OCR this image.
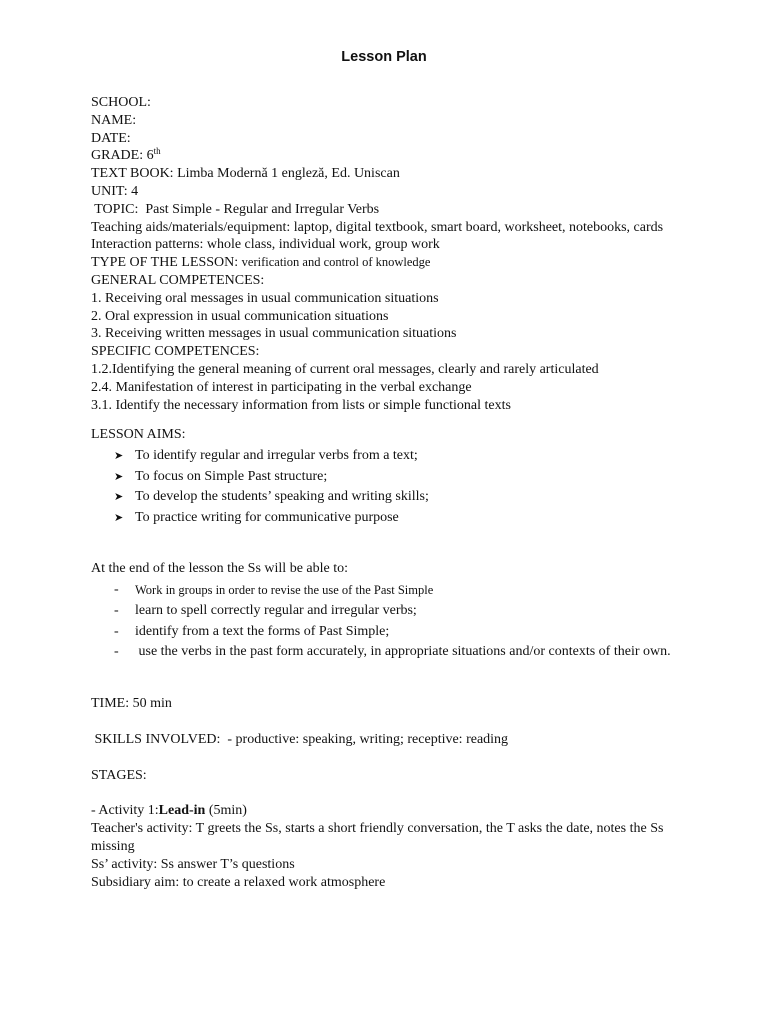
Lesson Plan
SCHOOL:
NAME:
DATE:
GRADE: 6th
TEXT BOOK: Limba Modernă 1 engleză, Ed. Uniscan
UNIT: 4
TOPIC:  Past Simple - Regular and Irregular Verbs
Teaching aids/materials/equipment: laptop, digital textbook, smart board, worksheet, notebooks, cards
Interaction patterns: whole class, individual work, group work
TYPE OF THE LESSON: verification and control of knowledge
GENERAL COMPETENCES:
1. Receiving oral messages in usual communication situations
2. Oral expression in usual communication situations
3. Receiving written messages in usual communication situations
SPECIFIC COMPETENCES:
1.2.Identifying the general meaning of current oral messages, clearly and rarely articulated
2.4. Manifestation of interest in participating in the verbal exchange
3.1. Identify the necessary information from lists or simple functional texts
LESSON AIMS:
➤ To identify regular and irregular verbs from a text;
➤ To focus on Simple Past structure;
➤ To develop the students’ speaking and writing skills;
➤ To practice writing for communicative purpose
At the end of the lesson the Ss will be able to:
- Work in groups in order to revise the use of the Past Simple
- learn to spell correctly regular and irregular verbs;
- identify from a text the forms of Past Simple;
- use the verbs in the past form accurately, in appropriate situations and/or contexts of their own.
TIME: 50 min
SKILLS INVOLVED:  - productive: speaking, writing; receptive: reading
STAGES:
- Activity 1:Lead-in (5min)
Teacher's activity: T greets the Ss, starts a short friendly conversation, the T asks the date, notes the Ss missing
Ss’ activity: Ss answer T’s questions
Subsidiary aim: to create a relaxed work atmosphere
